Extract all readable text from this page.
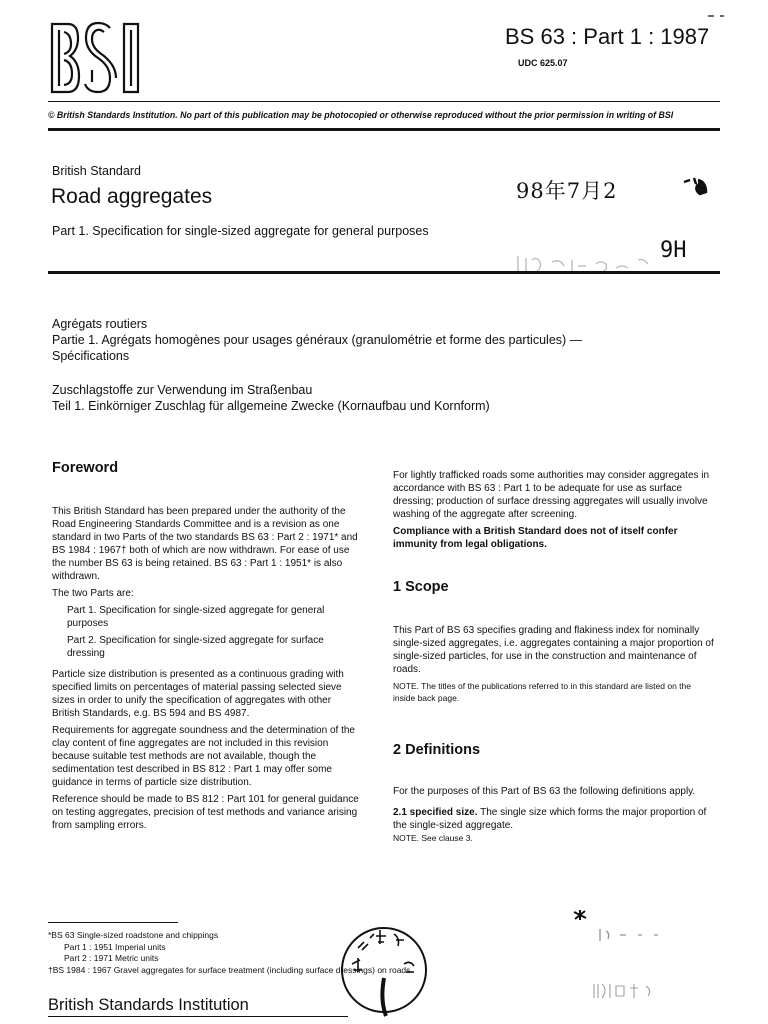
BS 63 : Part 1 : 1987
UDC 625.07
© British Standards Institution. No part of this publication may be photocopied or otherwise reproduced without the prior permission in writing of BSI
British Standard
Road aggregates
Part 1. Specification for single-sized aggregate for general purposes
98年7月2
9H
Agrégats routiers
Partie 1. Agrégats homogènes pour usages généraux (granulométrie et forme des particules) —
Spécifications
Zuschlagstoffe zur Verwendung im Straßenbau
Teil 1. Einkörniger Zuschlag für allgemeine Zwecke (Kornaufbau und Kornform)
Foreword

This British Standard has been prepared under the authority of the Road Engineering Standards Committee and is a revision as one standard in two Parts of the two standards BS 63 : Part 2 : 1971* and BS 1984 : 1967† both of which are now withdrawn. For ease of use the number BS 63 is being retained. BS 63 : Part 1 : 1951* is also withdrawn.

The two Parts are:

Part 1. Specification for single-sized aggregate for general purposes

Part 2. Specification for single-sized aggregate for surface dressing

Particle size distribution is presented as a continuous grading with specified limits on percentages of material passing selected sieve sizes in order to unify the specification of aggregates with other British Standards, e.g. BS 594 and BS 4987.

Requirements for aggregate soundness and the determination of the clay content of fine aggregates are not included in this revision because suitable test methods are not available, though the sedimentation test described in BS 812 : Part 1 may offer some guidance in terms of particle size distribution.

Reference should be made to BS 812 : Part 101 for general guidance on testing aggregates, precision of test methods and variance arising from sampling errors.

For lightly trafficked roads some authorities may consider aggregates in accordance with BS 63 : Part 1 to be adequate for use as surface dressing; production of surface dressing aggregates will usually involve washing of the aggregate after screening.

Compliance with a British Standard does not of itself confer immunity from legal obligations.

1 Scope

This Part of BS 63 specifies grading and flakiness index for nominally single-sized aggregates, i.e. aggregates containing a major proportion of single-sized particles, for use in the construction and maintenance of roads.

NOTE. The titles of the publications referred to in this standard are listed on the inside back page.

2 Definitions

For the purposes of this Part of BS 63 the following definitions apply.

2.1 specified size. The single size which forms the major proportion of the single-sized aggregate.

NOTE. See clause 3.

*BS 63 Single-sized roadstone and chippings
Part 1 : 1951 Imperial units
Part 2 : 1971 Metric units
†BS 1984 : 1967 Gravel aggregates for surface treatment (including surface dressings) on roads.
British Standards Institution
